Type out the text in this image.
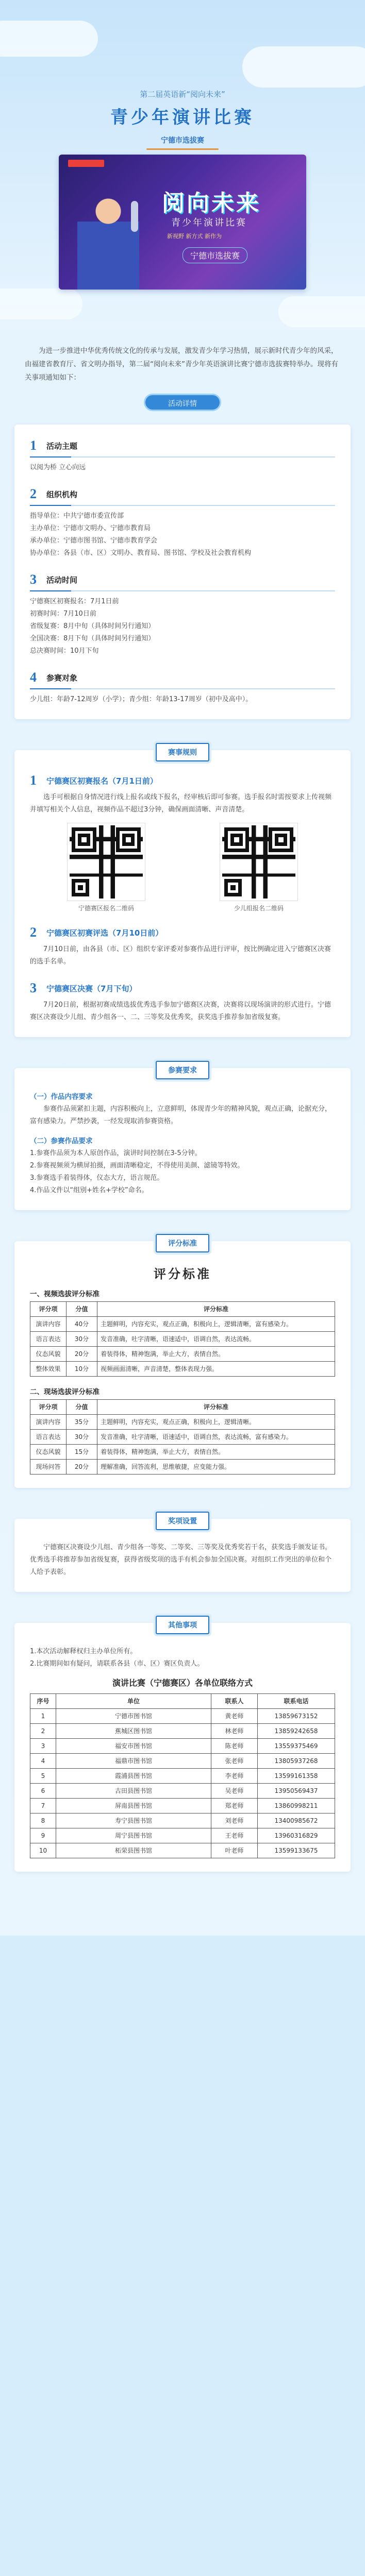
第二届英语新“阅向未来”
青少年演讲比赛
宁德市选拔赛
阅向未来
青少年演讲比赛
新视野 新方式 新作为
宁德市选拔赛

为进一步推进中华优秀传统文化的传承与发展，激发青少年学习热情，展示新时代青少年的风采，由福建省教育厅、省文明办指导，第二届“阅向未来”青少年英语演讲比赛宁德市选拔赛特举办。现将有关事项通知如下：

活动详情
1	活动主题
以阅为桥 立心向远
2	组织机构
指导单位：中共宁德市委宣传部
主办单位：宁德市文明办、宁德市教育局
承办单位：宁德市图书馆、宁德市教育学会
协办单位：各县（市、区）文明办、教育局、图书馆、学校及社会教育机构
3	活动时间
宁德赛区初赛报名：7月1日前
初赛时间：7月10日前
省级复赛：8月中旬（具体时间另行通知）
全国决赛：8月下旬（具体时间另行通知）
总决赛时间：10月下旬
4	参赛对象
少儿组：年龄7-12周岁（小学）；青少组：年龄13-17周岁（初中及高中）。
赛事规则
1	宁德赛区初赛报名（7月1日前）
选手可根据自身情况进行线上报名或线下报名，经审核后即可参赛。选手报名时需按要求上传视频并填写相关个人信息，视频作品不超过3分钟，确保画面清晰、声音清楚。
宁德赛区报名二维码	少儿组报名二维码
2	宁德赛区初赛评选（7月10日前）
7月10日前，由各县（市、区）组织专家评委对参赛作品进行评审，按比例确定进入宁德赛区决赛的选手名单。
3	宁德赛区决赛（7月下旬）
7月20日前，根据初赛成绩选拔优秀选手参加宁德赛区决赛，决赛将以现场演讲的形式进行。宁德赛区决赛设少儿组、青少组各一、二、三等奖及优秀奖，获奖选手推荐参加省级复赛。
参赛要求
（一）作品内容要求
参赛作品须紧扣主题，内容积极向上，立意鲜明，体现青少年的精神风貌，观点正确，论据充分，富有感染力。严禁抄袭，一经发现取消参赛资格。
（二）参赛作品要求
1.参赛作品须为本人原创作品，演讲时间控制在3-5分钟。
2.参赛视频须为横屏拍摄，画面清晰稳定，不得使用美颜、滤镜等特效。
3.参赛选手着装得体，仪态大方，语言规范。
4.作品文件以“组别+姓名+学校”命名。
评分标准
评分标准
一、视频选拔评分标准
评分项	分值	评分标准
演讲内容	40分	主题鲜明，内容充实，观点正确，积极向上，逻辑清晰，富有感染力。
语言表达	30分	发音准确，吐字清晰，语速适中，语调自然，表达流畅。
仪态风貌	20分	着装得体，精神饱满，举止大方，表情自然。
整体效果	10分	视频画面清晰，声音清楚，整体表现力强。
二、现场选拔评分标准
评分项	分值	评分标准
演讲内容	35分	主题鲜明，内容充实，观点正确，积极向上，逻辑清晰。
语言表达	30分	发音准确，吐字清晰，语速适中，语调自然，表达流畅，富有感染力。
仪态风貌	15分	着装得体，精神饱满，举止大方，表情自然。
现场问答	20分	理解准确，回答流利，思维敏捷，应变能力强。
奖项设置
宁德赛区决赛设少儿组、青少组各一等奖、二等奖、三等奖及优秀奖若干名，获奖选手颁发证书。优秀选手将推荐参加省级复赛，获得省级奖项的选手有机会参加全国决赛。对组织工作突出的单位和个人给予表彰。
其他事项
1.本次活动解释权归主办单位所有。
2.比赛期间如有疑问，请联系各县（市、区）赛区负责人。
演讲比赛（宁德赛区）各单位联络方式
序号	单位	联系人	联系电话
1	宁德市图书馆	黄老师	13859673152
2	蕉城区图书馆	林老师	13859242658
3	福安市图书馆	陈老师	13559375469
4	福鼎市图书馆	张老师	13805937268
5	霞浦县图书馆	李老师	13599161358
6	古田县图书馆	吴老师	13950569437
7	屏南县图书馆	郑老师	13860998211
8	寿宁县图书馆	刘老师	13400985672
9	周宁县图书馆	王老师	13960316829
10	柘荣县图书馆	叶老师	13599133675
